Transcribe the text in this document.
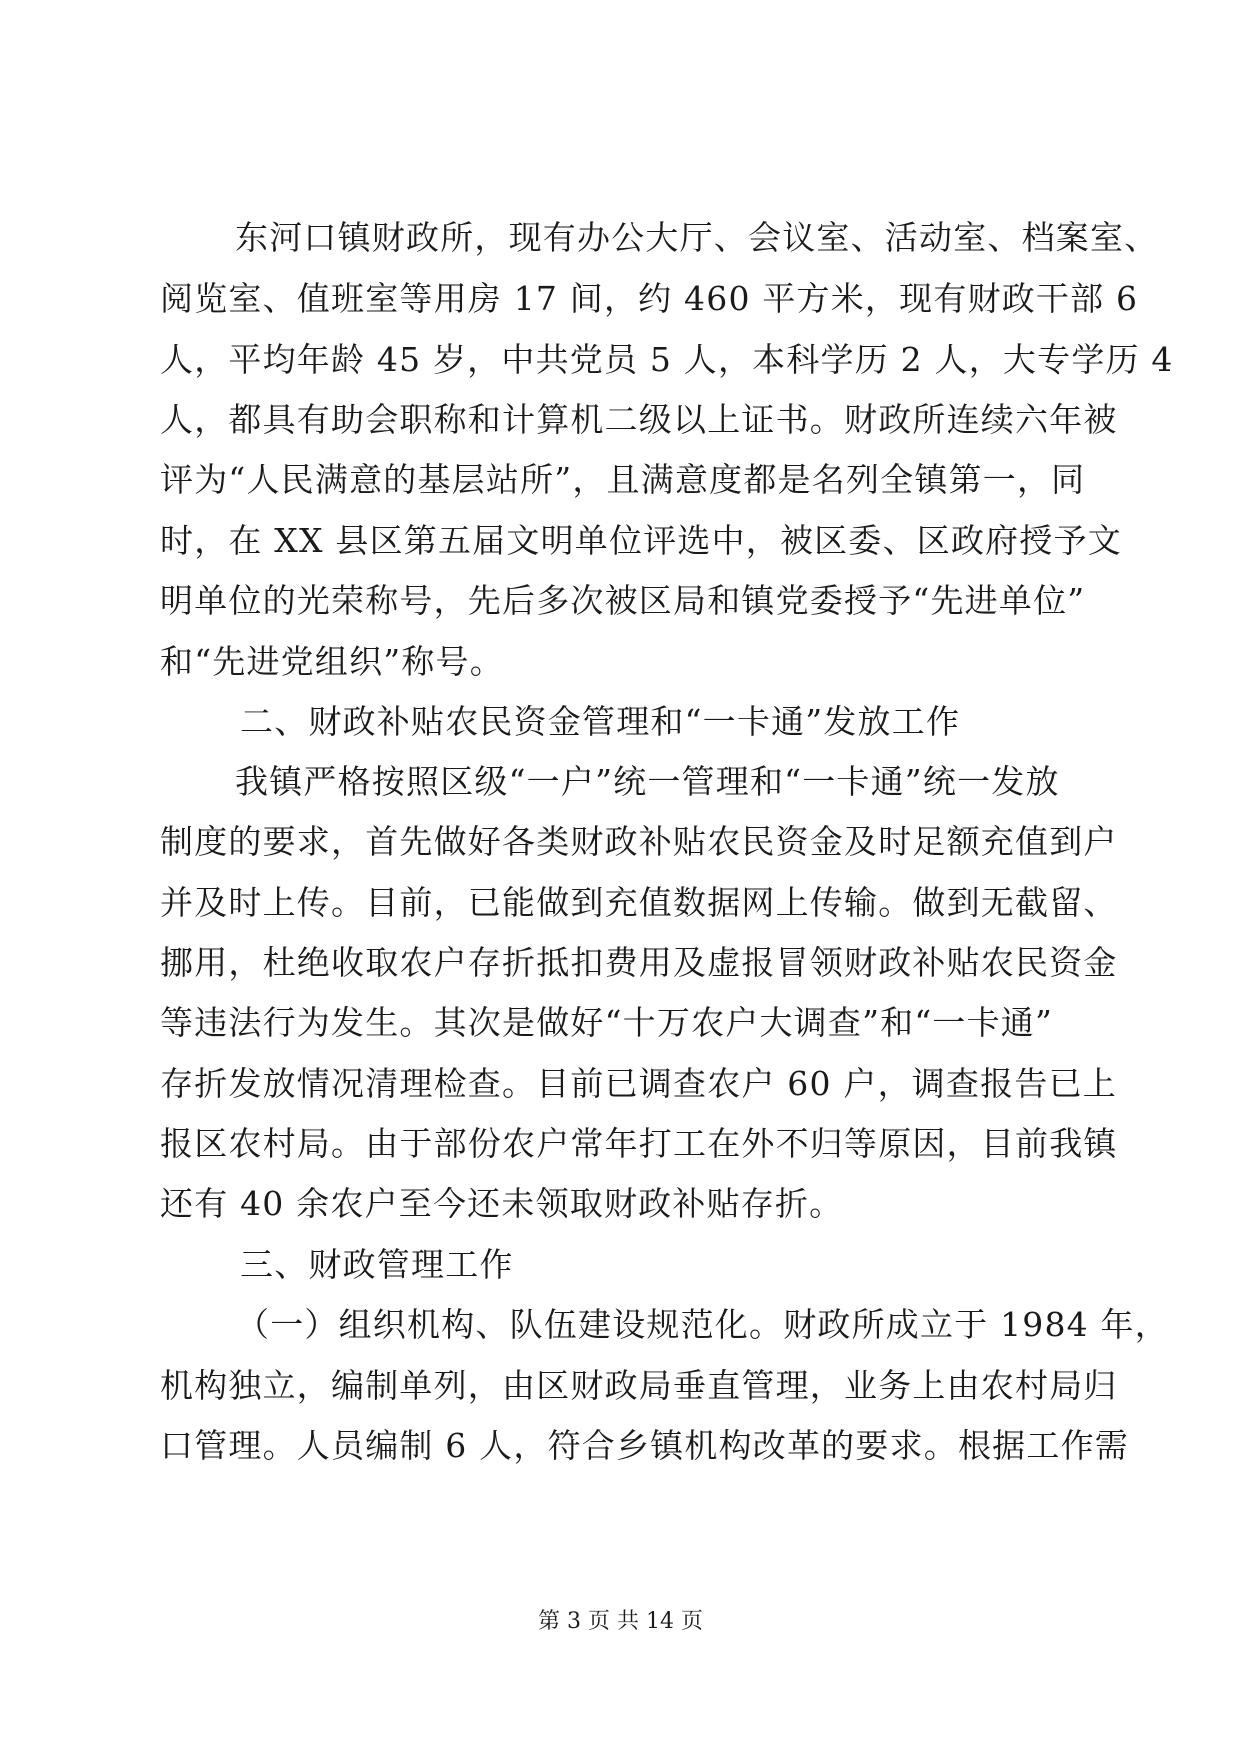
东河口镇财政所，现有办公大厅、会议室、活动室、档案室、
阅览室、值班室等用房 17 间，约 460 平方米，现有财政干部 6
人，平均年龄 45 岁，中共党员 5 人，本科学历 2 人，大专学历 4
人，都具有助会职称和计算机二级以上证书。财政所连续六年被
评为“人民满意的基层站所”，且满意度都是名列全镇第一，同
时，在 XX 县区第五届文明单位评选中，被区委、区政府授予文
明单位的光荣称号，先后多次被区局和镇党委授予“先进单位”
和“先进党组织”称号。
二、财政补贴农民资金管理和“一卡通”发放工作
我镇严格按照区级“一户”统一管理和“一卡通”统一发放
制度的要求，首先做好各类财政补贴农民资金及时足额充值到户
并及时上传。目前，已能做到充值数据网上传输。做到无截留、
挪用，杜绝收取农户存折抵扣费用及虚报冒领财政补贴农民资金
等违法行为发生。其次是做好“十万农户大调查”和“一卡通”
存折发放情况清理检查。目前已调查农户 60 户，调查报告已上
报区农村局。由于部份农户常年打工在外不归等原因，目前我镇
还有 40 余农户至今还未领取财政补贴存折。
三、财政管理工作
（一）组织机构、队伍建设规范化。财政所成立于 1984 年，
机构独立，编制单列，由区财政局垂直管理，业务上由农村局归
口管理。人员编制 6 人，符合乡镇机构改革的要求。根据工作需
第 3 页 共 14 页
